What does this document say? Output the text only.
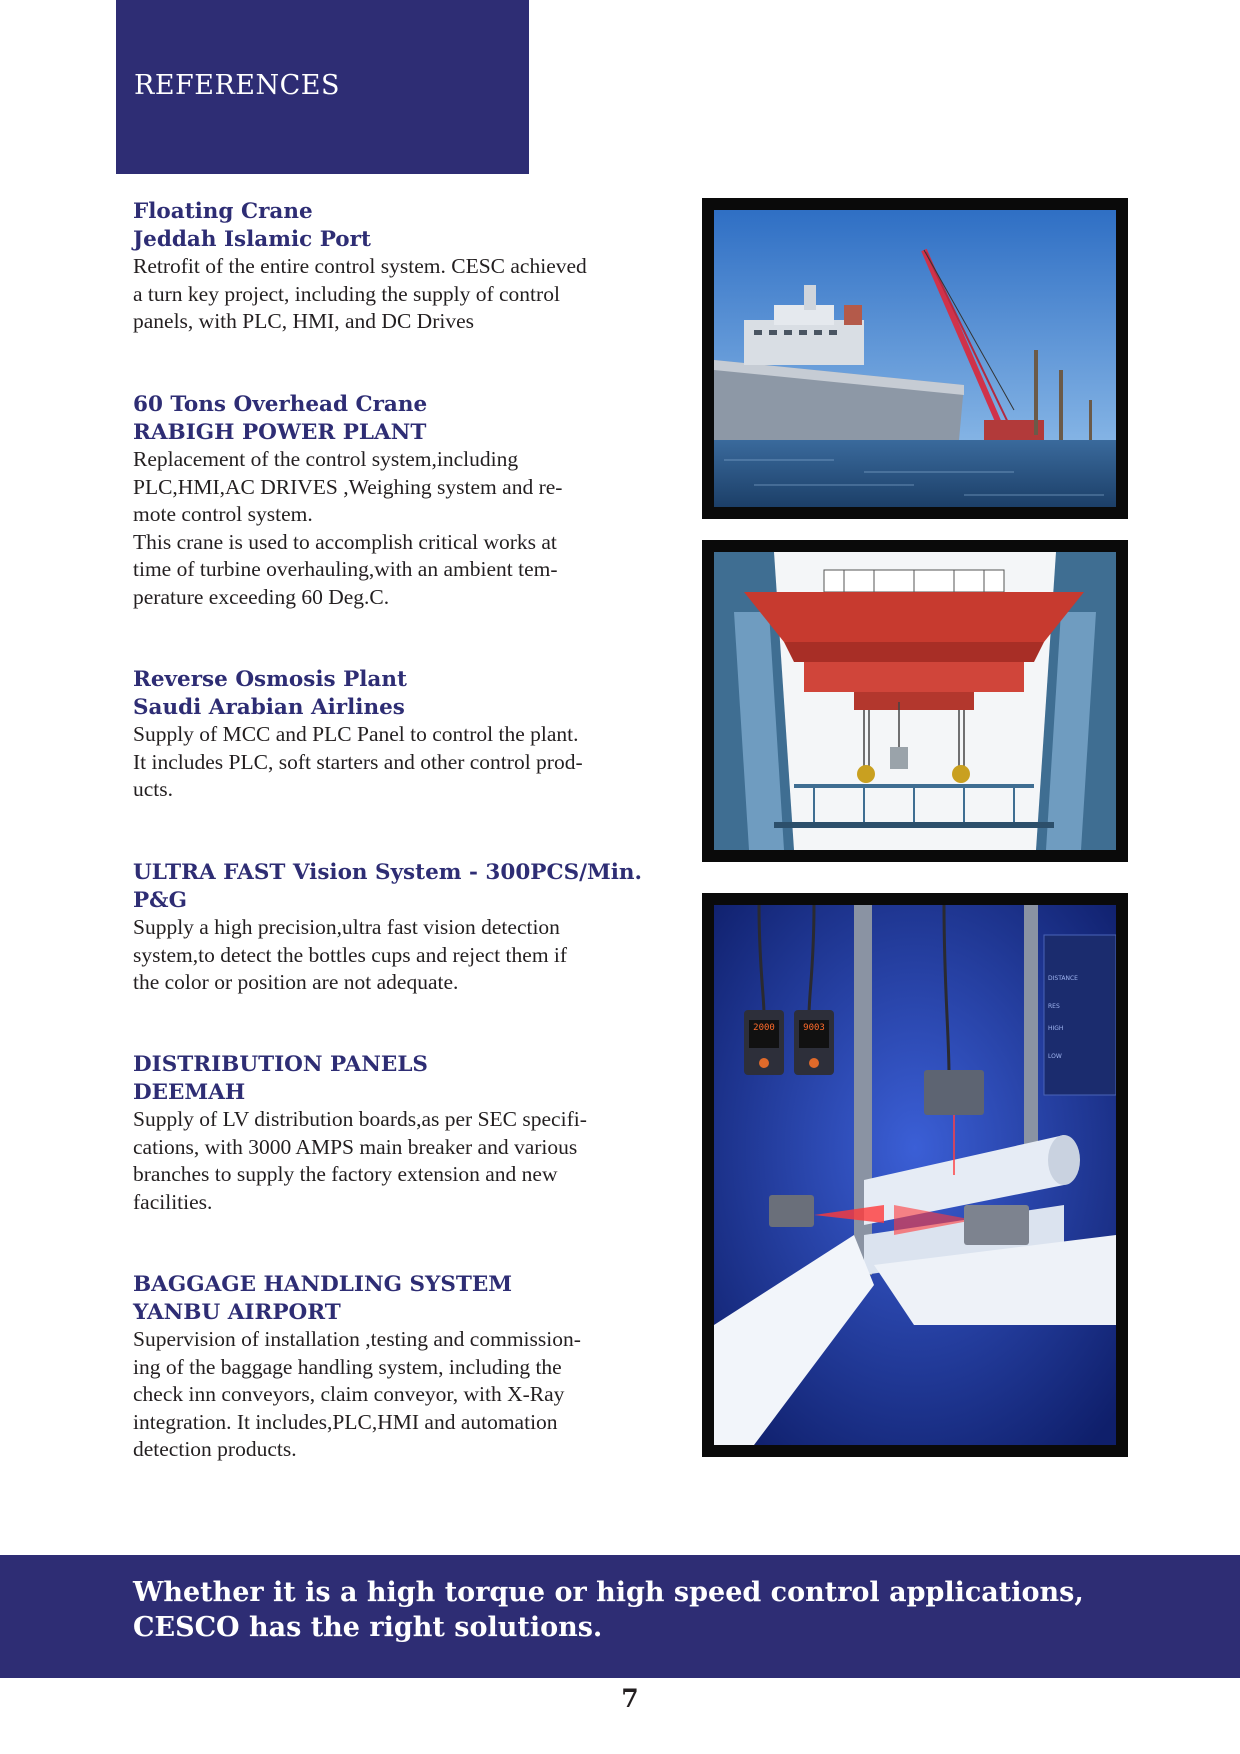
REFERENCES
Floating Crane
Jeddah Islamic Port
Retrofit of the entire control system. CESC achieved
a turn key project, including the supply of control
panels, with PLC, HMI, and DC Drives
60 Tons Overhead Crane
RABIGH POWER PLANT
Replacement of the control system,including
PLC,HMI,AC DRIVES ,Weighing system and re-
mote control system.
This crane is used to accomplish critical works at
time of turbine overhauling,with an ambient tem-
perature exceeding 60 Deg.C.
Reverse Osmosis Plant
Saudi Arabian Airlines
Supply of MCC and PLC Panel to control the plant.
It includes PLC, soft starters and other control prod-
ucts.
ULTRA FAST Vision System - 300PCS/Min.
P&G
Supply a high precision,ultra fast vision detection
system,to detect the bottles cups and reject them if
the color or position are not adequate.
DISTRIBUTION PANELS
DEEMAH
Supply of LV distribution boards,as per SEC specifi-
cations, with 3000 AMPS main breaker and various
branches to supply the factory extension and new
facilities.
BAGGAGE HANDLING SYSTEM
YANBU AIRPORT
Supervision of installation ,testing and commission-
ing of the baggage handling system, including the
check inn conveyors, claim conveyor, with X-Ray
integration. It includes,PLC,HMI and automation
detection products.
2000	9003
DISTANCE
RES
HIGH
LOW
Whether it is a high torque or high speed control applications, CESCO has the right solutions.
7
